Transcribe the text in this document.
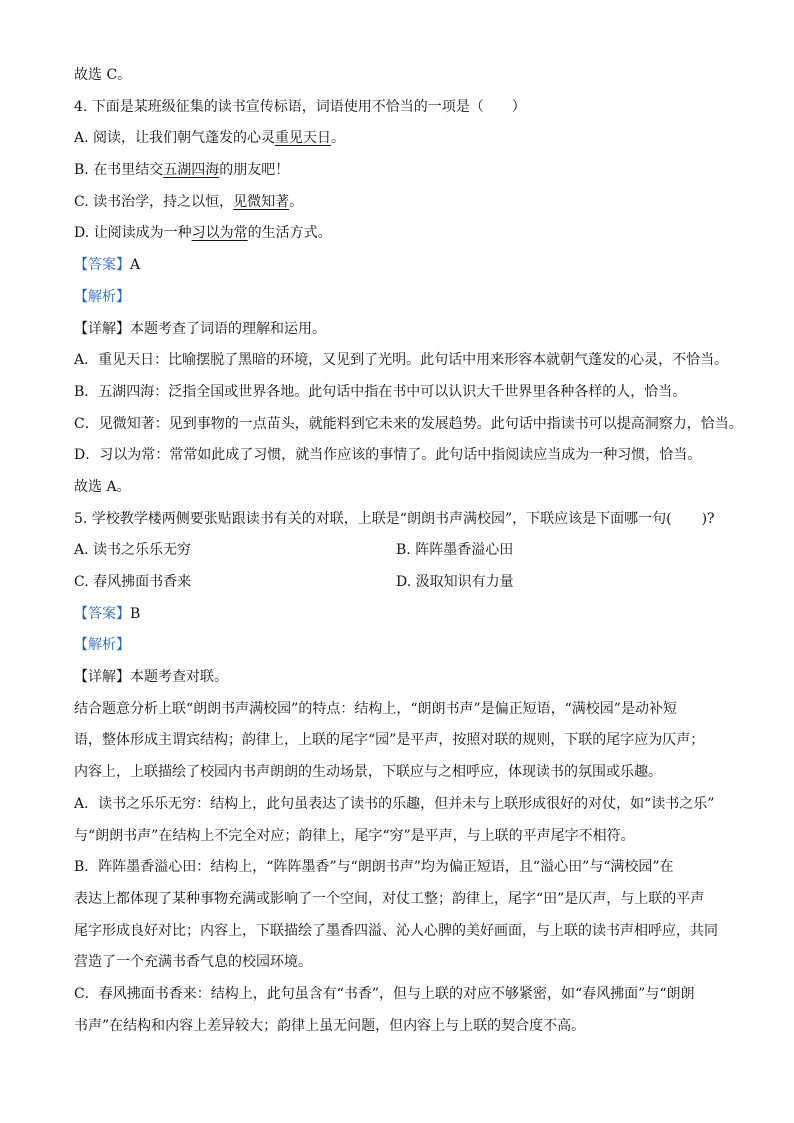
故选 C。
4. 下面是某班级征集的读书宣传标语，词语使用不恰当的一项是（　　）
A. 阅读，让我们朝气蓬发的心灵重见天日。
B. 在书里结交五湖四海的朋友吧！
C. 读书治学，持之以恒，见微知著。
D. 让阅读成为一种习以为常的生活方式。
【答案】A
【解析】
【详解】本题考查了词语的理解和运用。
A．重见天日：比喻摆脱了黑暗的环境，又见到了光明。此句话中用来形容本就朝气蓬发的心灵，不恰当。
B．五湖四海：泛指全国或世界各地。此句话中指在书中可以认识大千世界里各种各样的人，恰当。
C．见微知著：见到事物的一点苗头，就能料到它未来的发展趋势。此句话中指读书可以提高洞察力，恰当。
D．习以为常：常常如此成了习惯，就当作应该的事情了。此句话中指阅读应当成为一种习惯，恰当。
故选 A。
5. 学校教学楼两侧要张贴跟读书有关的对联，上联是“朗朗书声满校园”，下联应该是下面哪一句( )?
A. 读书之乐乐无穷	B. 阵阵墨香溢心田
C. 春风拂面书香来	D. 汲取知识有力量
【答案】B
【解析】
【详解】本题考查对联。
结合题意分析上联“朗朗书声满校园”的特点：结构上，“朗朗书声”是偏正短语，“满校园”是动补短
语，整体形成主谓宾结构；韵律上，上联的尾字“园”是平声，按照对联的规则，下联的尾字应为仄声；
内容上，上联描绘了校园内书声朗朗的生动场景，下联应与之相呼应，体现读书的氛围或乐趣。
A．读书之乐乐无穷：结构上，此句虽表达了读书的乐趣，但并未与上联形成很好的对仗，如“读书之乐”
与“朗朗书声”在结构上不完全对应；韵律上，尾字“穷”是平声，与上联的平声尾字不相符。
B．阵阵墨香溢心田：结构上，“阵阵墨香”与“朗朗书声”均为偏正短语，且“溢心田”与“满校园”在
表达上都体现了某种事物充满或影响了一个空间，对仗工整；韵律上，尾字“田”是仄声，与上联的平声
尾字形成良好对比；内容上，下联描绘了墨香四溢、沁人心脾的美好画面，与上联的读书声相呼应，共同
营造了一个充满书香气息的校园环境。
C．春风拂面书香来：结构上，此句虽含有“书香”，但与上联的对应不够紧密，如“春风拂面”与“朗朗
书声”在结构和内容上差异较大；韵律上虽无问题，但内容上与上联的契合度不高。
